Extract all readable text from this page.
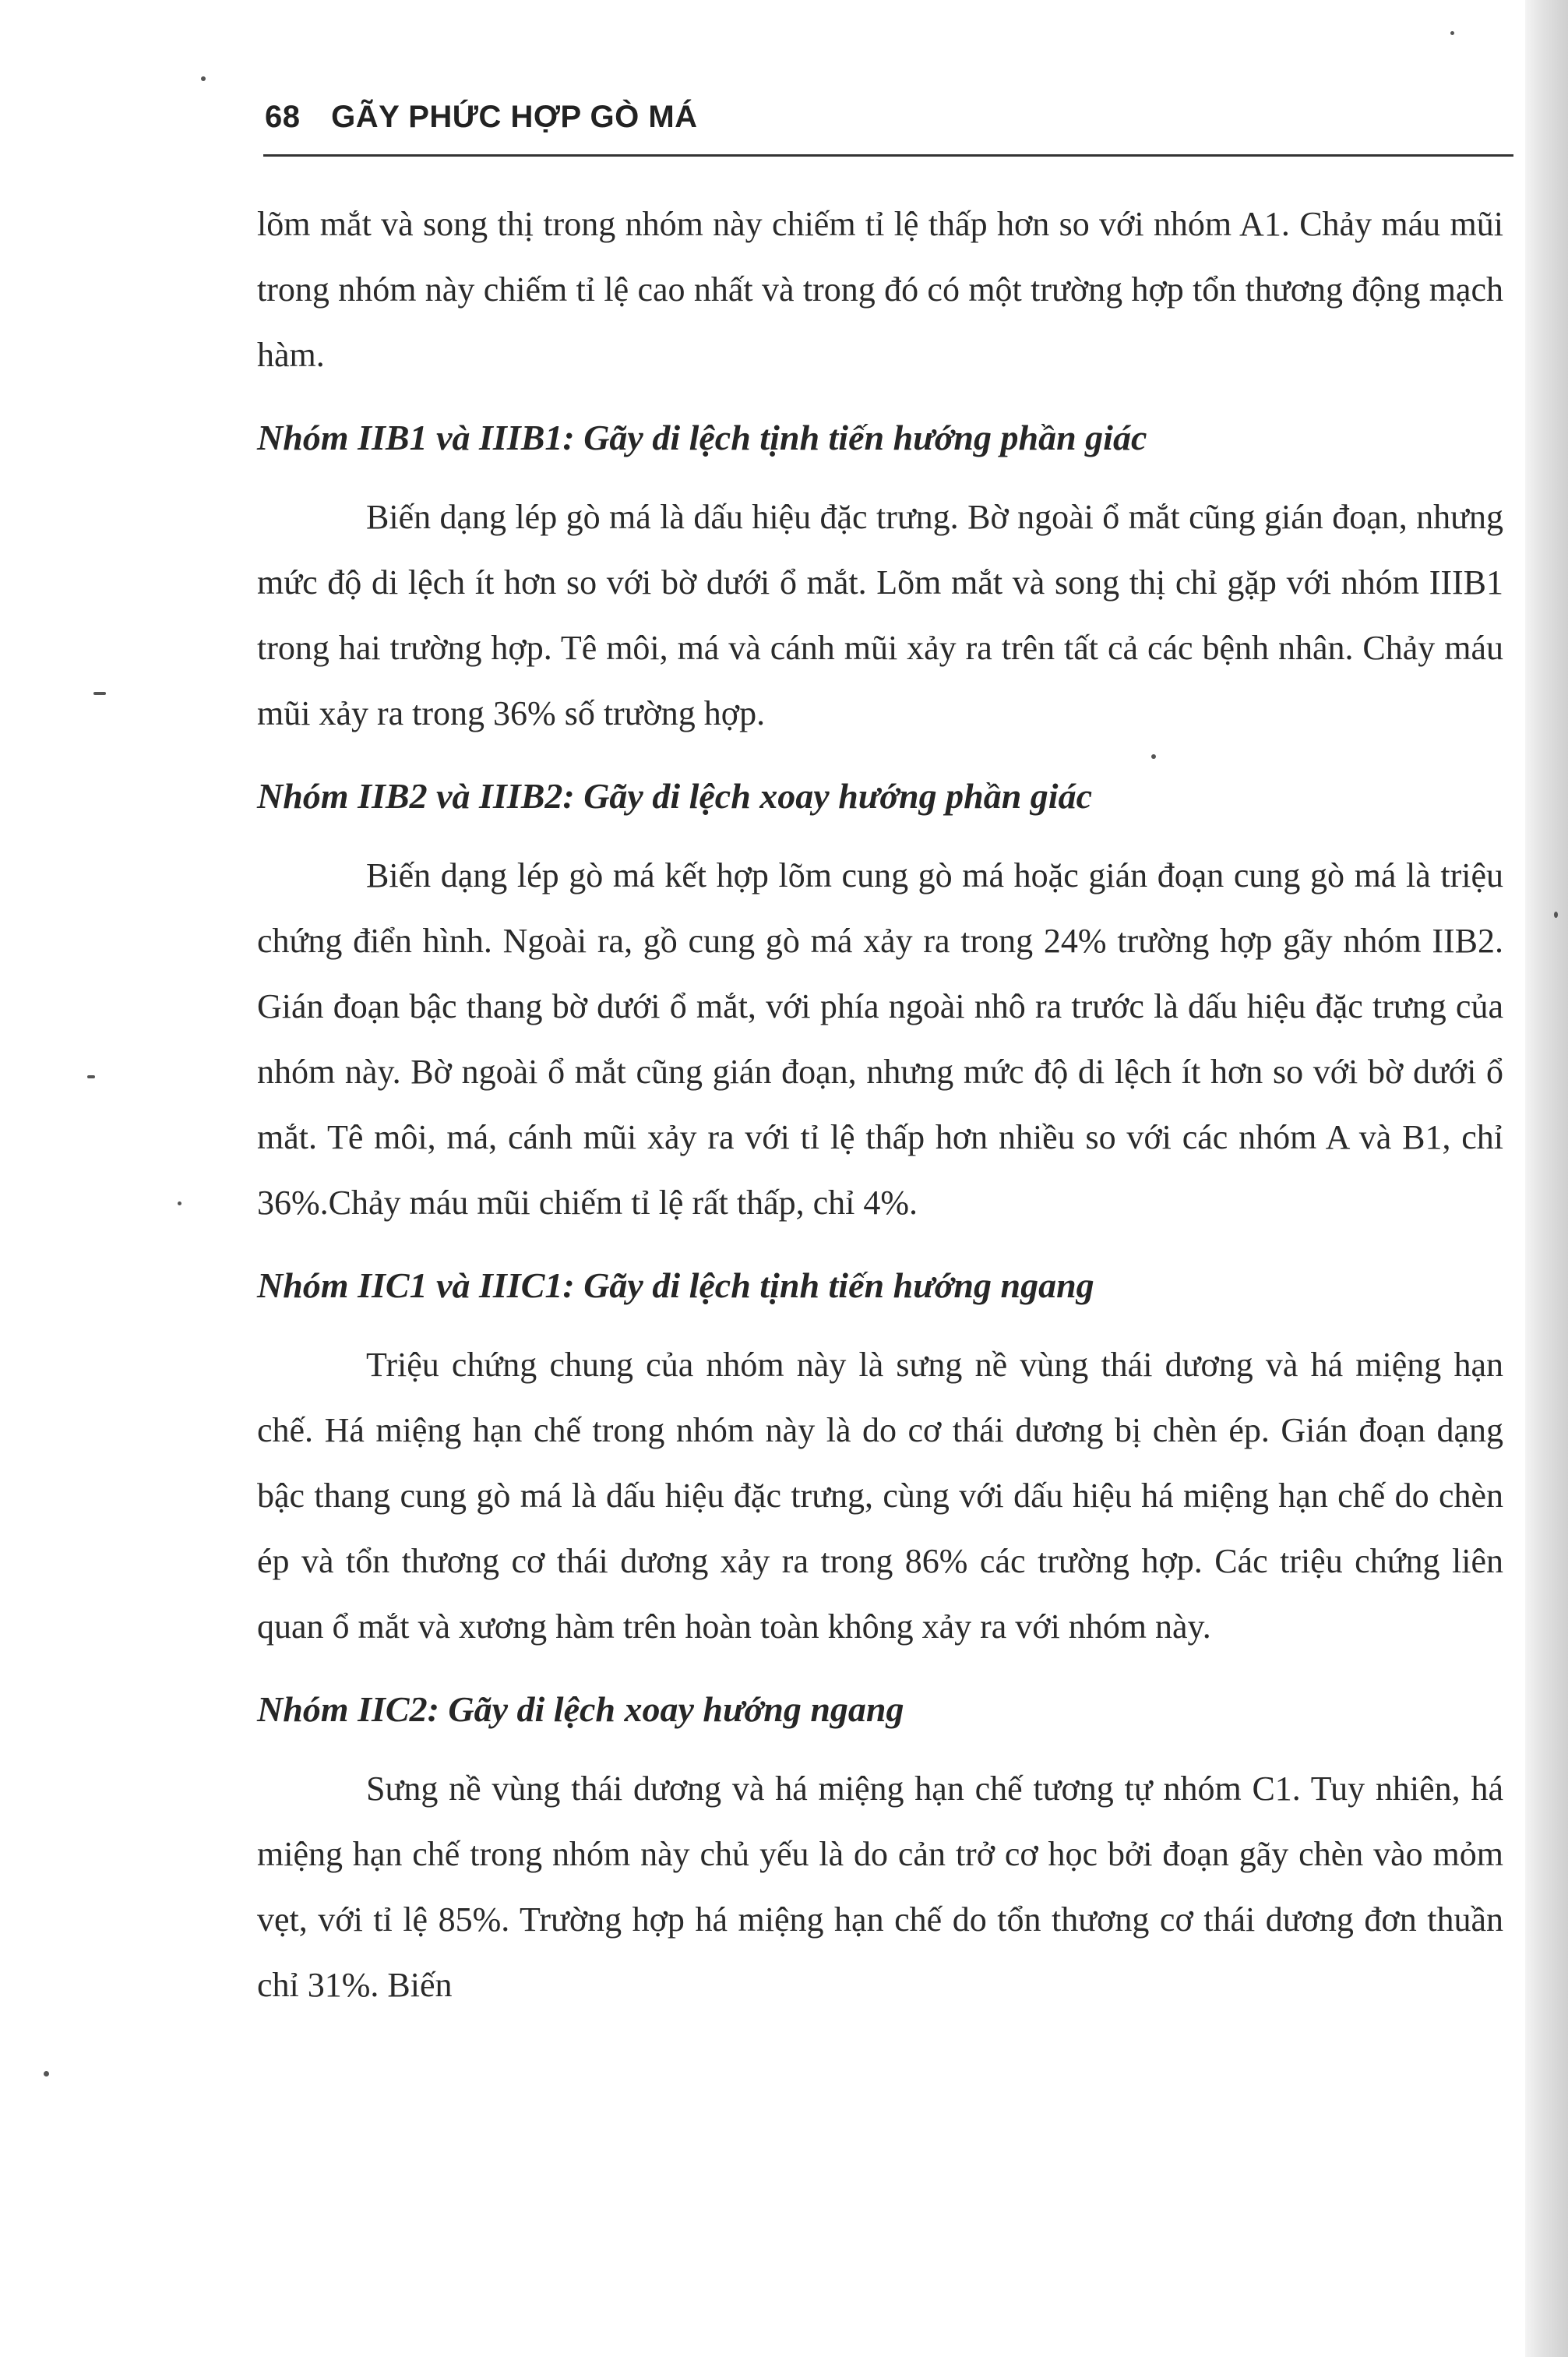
68 GÃY PHỨC HỢP GÒ MÁ

lõm mắt và song thị trong nhóm này chiếm tỉ lệ thấp hơn so với nhóm A1. Chảy máu mũi trong nhóm này chiếm tỉ lệ cao nhất và trong đó có một trường hợp tổn thương động mạch hàm.

Nhóm IIB1 và IIIB1: Gãy di lệch tịnh tiến hướng phần giác

Biến dạng lép gò má là dấu hiệu đặc trưng. Bờ ngoài ổ mắt cũng gián đoạn, nhưng mức độ di lệch ít hơn so với bờ dưới ổ mắt. Lõm mắt và song thị chỉ gặp với nhóm IIIB1 trong hai trường hợp. Tê môi, má và cánh mũi xảy ra trên tất cả các bệnh nhân. Chảy máu mũi xảy ra trong 36% số trường hợp.

Nhóm IIB2 và IIIB2: Gãy di lệch xoay hướng phần giác

Biến dạng lép gò má kết hợp lõm cung gò má hoặc gián đoạn cung gò má là triệu chứng điển hình. Ngoài ra, gồ cung gò má xảy ra trong 24% trường hợp gãy nhóm IIB2. Gián đoạn bậc thang bờ dưới ổ mắt, với phía ngoài nhô ra trước là dấu hiệu đặc trưng của nhóm này. Bờ ngoài ổ mắt cũng gián đoạn, nhưng mức độ di lệch ít hơn so với bờ dưới ổ mắt. Tê môi, má, cánh mũi xảy ra với tỉ lệ thấp hơn nhiều so với các nhóm A và B1, chỉ 36%.Chảy máu mũi chiếm tỉ lệ rất thấp, chỉ 4%.

Nhóm IIC1 và IIIC1: Gãy di lệch tịnh tiến hướng ngang

Triệu chứng chung của nhóm này là sưng nề vùng thái dương và há miệng hạn chế. Há miệng hạn chế trong nhóm này là do cơ thái dương bị chèn ép. Gián đoạn dạng bậc thang cung gò má là dấu hiệu đặc trưng, cùng với dấu hiệu há miệng hạn chế do chèn ép và tổn thương cơ thái dương xảy ra trong 86% các trường hợp. Các triệu chứng liên quan ổ mắt và xương hàm trên hoàn toàn không xảy ra với nhóm này.

Nhóm IIC2: Gãy di lệch xoay hướng ngang

Sưng nề vùng thái dương và há miệng hạn chế tương tự nhóm C1. Tuy nhiên, há miệng hạn chế trong nhóm này chủ yếu là do cản trở cơ học bởi đoạn gãy chèn vào mỏm vẹt, với tỉ lệ 85%. Trường hợp há miệng hạn chế do tổn thương cơ thái dương đơn thuần chỉ 31%. Biến
